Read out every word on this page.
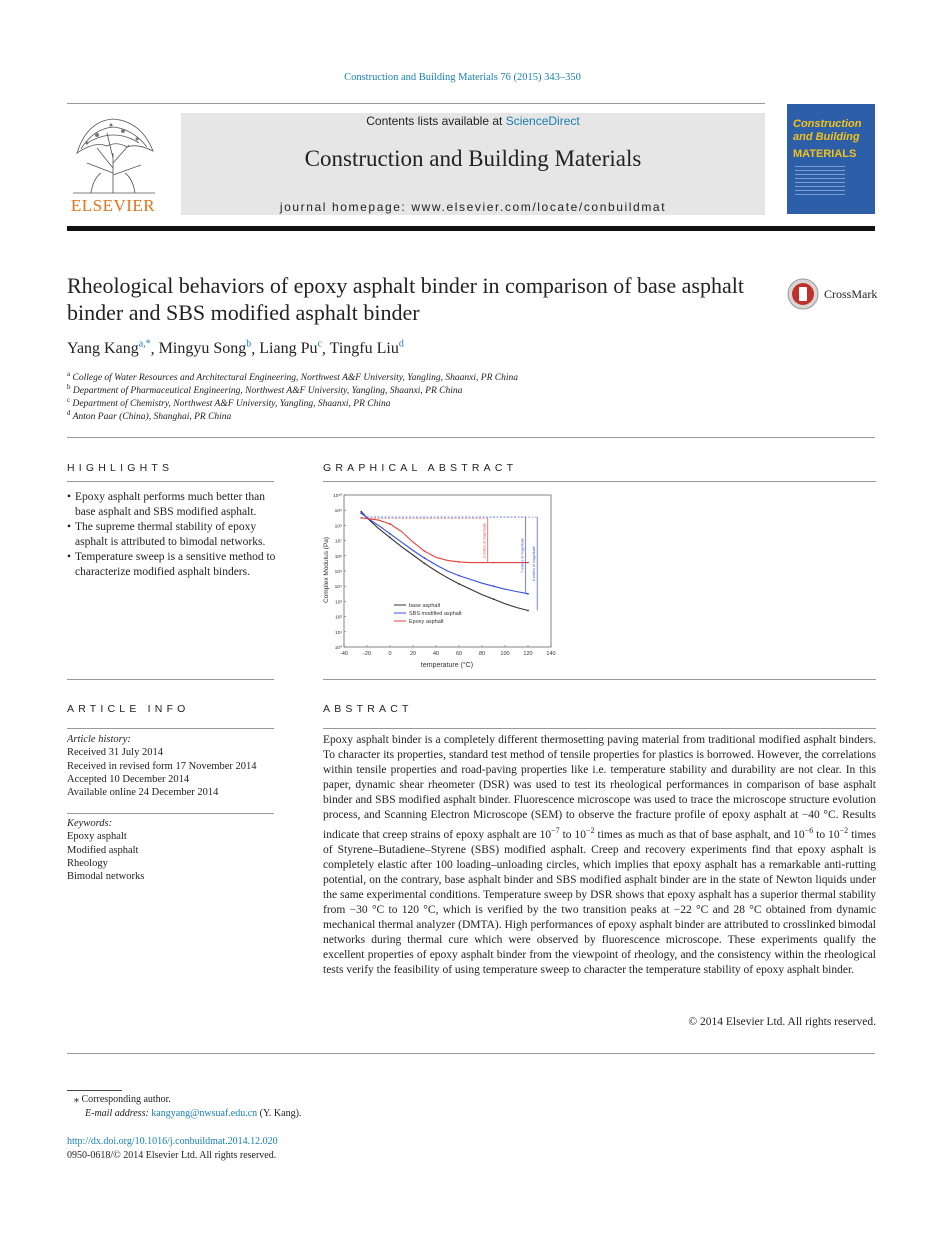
Construction and Building Materials 76 (2015) 343–350
ELSEVIER
Contents lists available at ScienceDirect
Construction and Building Materials
journal homepage: www.elsevier.com/locate/conbuildmat
Construction and Building
MATERIALS
Rheological behaviors of epoxy asphalt binder in comparison of base asphalt binder and SBS modified asphalt binder
CrossMark
Yang Kang$^{a,*}$, Mingyu Song$^b$, Liang Pu$^c$, Tingfu Liu$^d$
$^a$ College of Water Resources and Architectural Engineering, Northwest A&F University, Yangling, Shaanxi, PR China
$^b$ Department of Pharmaceutical Engineering, Northwest A&F University, Yangling, Shaanxi, PR China
$^c$ Department of Chemistry, Northwest A&F University, Yangling, Shaanxi, PR China
$^d$ Anton Paar (China), Shanghai, PR China
HIGHLIGHTS
• Epoxy asphalt performs much better than base asphalt and SBS modified asphalt.
• The supreme thermal stability of epoxy asphalt is attributed to bimodal networks.
• Temperature sweep is a sensitive method to characterize modified asphalt binders.
GRAPHICAL ABSTRACT
-40	-20	0	20	40	60	80	100	120	140
10⁰
10¹
10²
10³
10⁴
10⁵
10⁶
10⁷
10⁸
10⁹
10¹⁰
3 orders of magnitude	7 orders of magnitude 6 orders of magnitude
base asphalt
SBS modified asphalt
Epoxy asphalt
Complex Modulus (Pa)
temperature (°C)
ARTICLE INFO
Article history:
Received 31 July 2014
Received in revised form 17 November 2014
Accepted 10 December 2014
Available online 24 December 2014
Keywords:
Epoxy asphalt
Modified asphalt
Rheology
Bimodal networks
ABSTRACT
Epoxy asphalt binder is a completely different thermosetting paving material from traditional modified asphalt binders. To character its properties, standard test method of tensile properties for plastics is borrowed. However, the correlations within tensile properties and road-paving properties like i.e. temperature stability and durability are not clear. In this paper, dynamic shear rheometer (DSR) was used to test its rheological performances in comparison of base asphalt binder and SBS modified asphalt binder. Fluorescence microscope was used to trace the microscope structure evolution process, and Scanning Electron Microscope (SEM) to observe the fracture profile of epoxy asphalt at −40 °C. Results indicate that creep strains of epoxy asphalt are $10^{-7}$ to $10^{-2}$ times as much as that of base asphalt, and $10^{-6}$ to $10^{-2}$ times of Styrene–Butadiene–Styrene (SBS) modified asphalt. Creep and recovery experiments find that epoxy asphalt is completely elastic after 100 loading–unloading circles, which implies that epoxy asphalt has a remarkable anti-rutting potential, on the contrary, base asphalt binder and SBS modified asphalt binder are in the state of Newton liquids under the same experimental conditions. Temperature sweep by DSR shows that epoxy asphalt has a superior thermal stability from −30 °C to 120 °C, which is verified by the two transition peaks at −22 °C and 28 °C obtained from dynamic mechanical thermal analyzer (DMTA). High performances of epoxy asphalt binder are attributed to crosslinked bimodal networks during thermal cure which were observed by fluorescence microscope. These experiments qualify the excellent properties of epoxy asphalt binder from the viewpoint of rheology, and the consistency within the rheological tests verify the feasibility of using temperature sweep to character the temperature stability of epoxy asphalt binder.
© 2014 Elsevier Ltd. All rights reserved.
⁎ Corresponding author.
E-mail address: kangyang@nwsuaf.edu.cn (Y. Kang).
http://dx.doi.org/10.1016/j.conbuildmat.2014.12.020
0950-0618/© 2014 Elsevier Ltd. All rights reserved.
